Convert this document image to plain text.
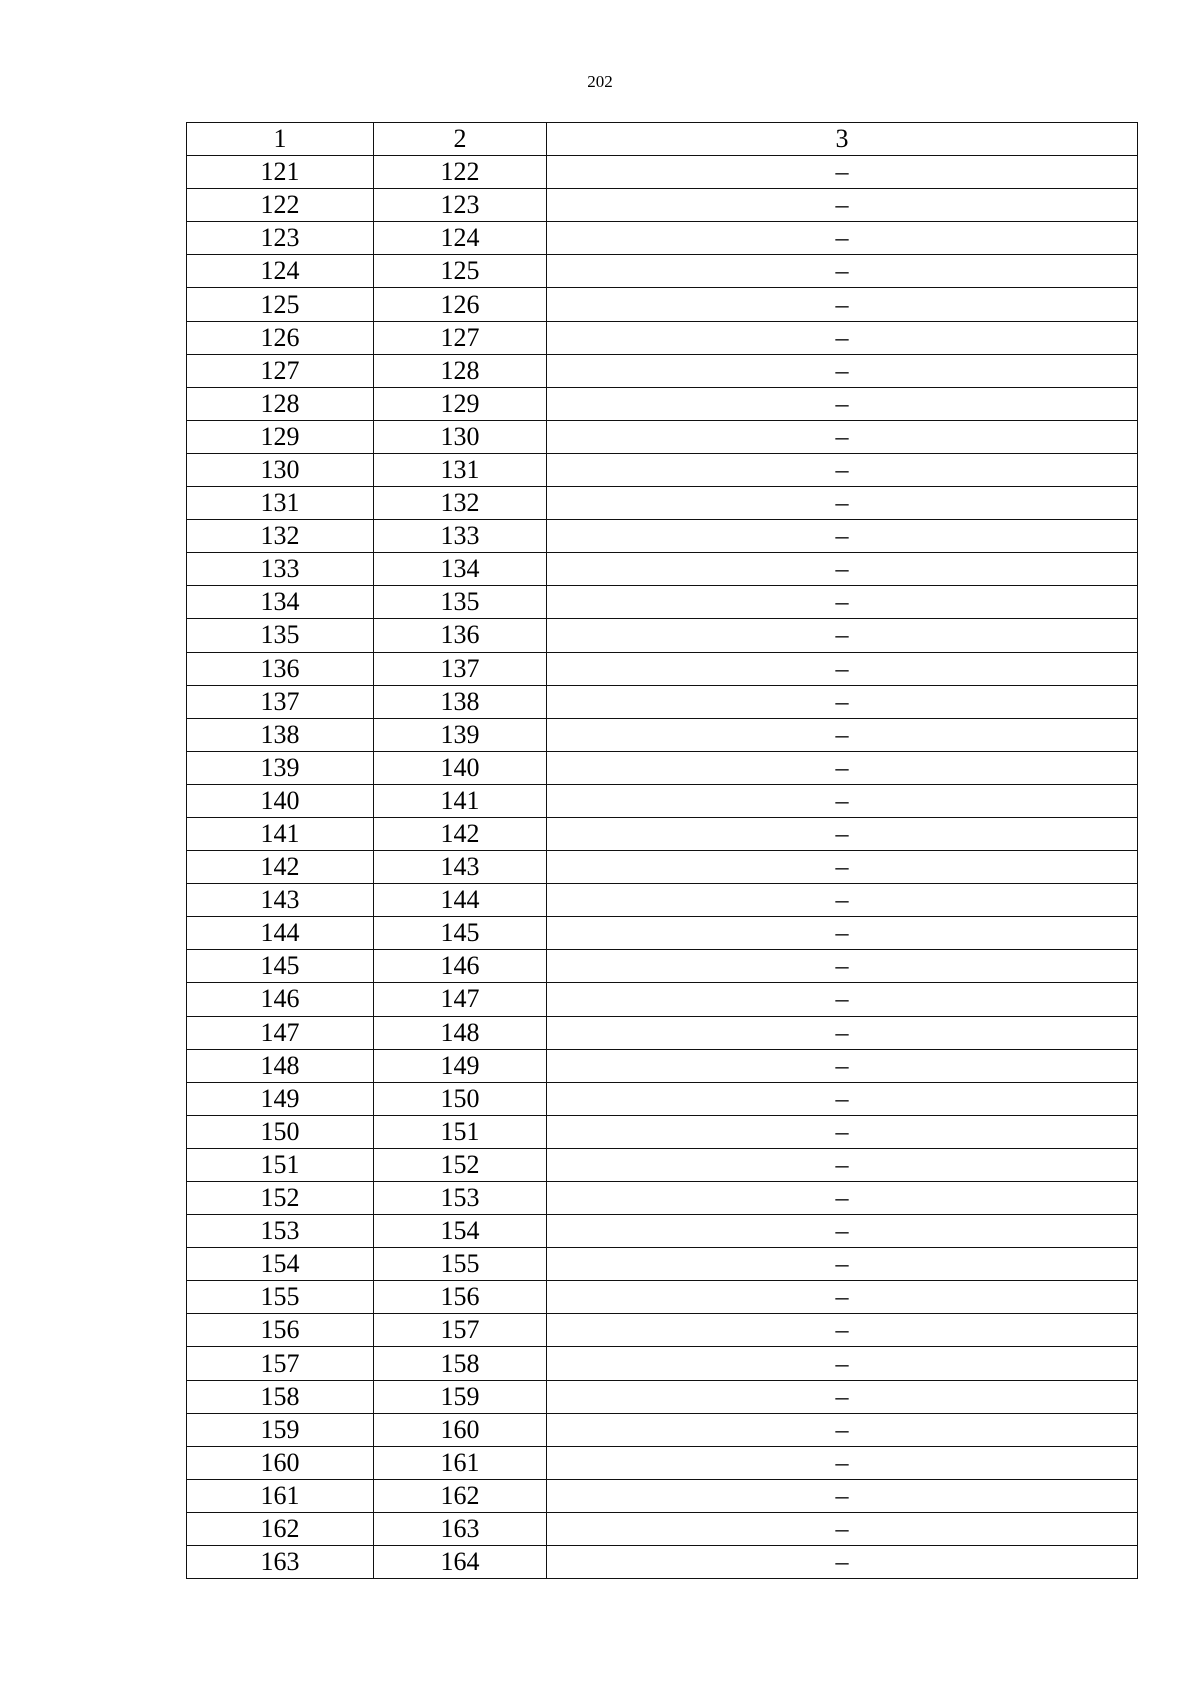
202
1	2	3
121	122	–
122	123	–
123	124	–
124	125	–
125	126	–
126	127	–
127	128	–
128	129	–
129	130	–
130	131	–
131	132	–
132	133	–
133	134	–
134	135	–
135	136	–
136	137	–
137	138	–
138	139	–
139	140	–
140	141	–
141	142	–
142	143	–
143	144	–
144	145	–
145	146	–
146	147	–
147	148	–
148	149	–
149	150	–
150	151	–
151	152	–
152	153	–
153	154	–
154	155	–
155	156	–
156	157	–
157	158	–
158	159	–
159	160	–
160	161	–
161	162	–
162	163	–
163	164	–
